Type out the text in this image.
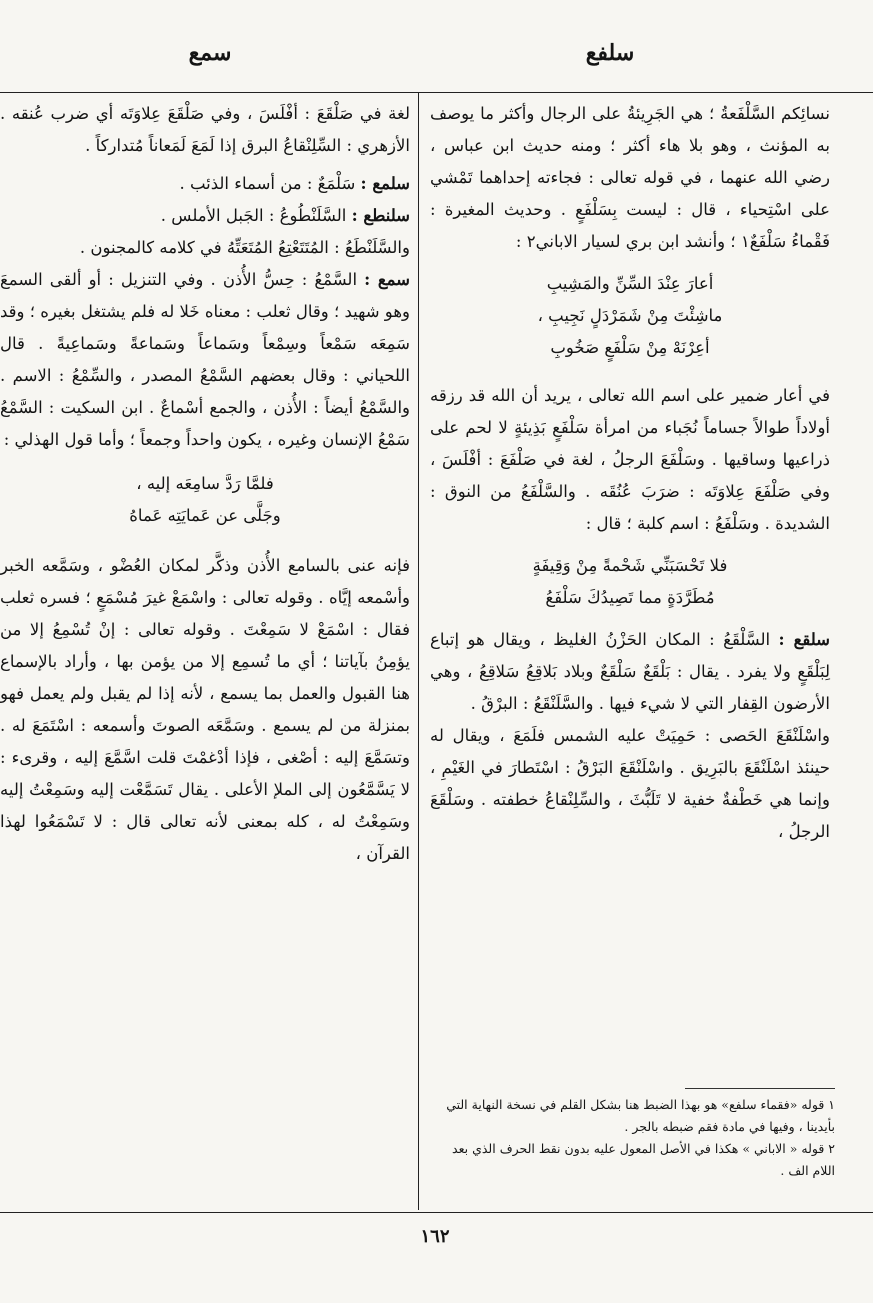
سلفع
سمع

نسائِكم السَّلْفَعةُ ؛ هي الجَرِيئةُ على الرجال وأكثر ما يوصف به المؤنث ، وهو بلا هاء أكثر ؛ ومنه حديث ابن عباس ، رضي الله عنهما ، في قوله تعالى : فجاءته إحداهما تَمْشي على اسْتِحياء ، قال : ليست بِسَلْفَعٍ . وحديث المغيرة : فَقْماءُ سَلْفَعٌ١ ؛ وأنشد ابن بري لسيار الاباني٢ :

أعارَ عِنْدَ السِّنِّ والمَشِيبِ
ماشِئْتَ مِنْ شَمَرْدَلٍ نَجِيبِ ،
أعِرْنَهْ مِنْ سَلْفَعٍ صَخُوبِ

في أعار ضمير على اسم الله تعالى ، يريد أن الله قد رزقه أولاداً طوالاً جساماً نُجَباء من امرأة سَلْفَعٍ بَذِيئةٍ لا لحم على ذراعيها وساقيها . وسَلْفَعَ الرجلُ ، لغة في صَلْفَعَ : أفْلَسَ ، وفي صَلْفَعَ عِلاوَتَه : ضرَبَ عُنُقَه . والسَّلْفَعُ من النوق : الشديدة . وسَلْفَعُ : اسم كلبة ؛ قال :

فلا تَحْسَبَنِّي شَحْمةً مِنْ وَقِيفَةٍ
مُطَرَّدَةٍ مما تَصِيدُكَ سَلْفَعُ

سلقع : السَّلْقَعُ : المكان الحَزْنُ الغليظ ، ويقال هو إتباع لِبَلْقَعٍ ولا يفرد . يقال : بَلْقَعٌ سَلْقَعٌ وبلاد بَلاقِعُ سَلاقِعُ ، وهي الأرضون القِفار التي لا شيء فيها . والسَّلَنْقَعُ : البرْقُ .

واسْلَنْقَعَ الحَصى : حَمِيَتْ عليه الشمس فلَمَعَ ، ويقال له حينئذ اسْلَنْقَعَ بالبَرِيق . واسْلَنْقَعَ البَرْقُ : اسْتَطارَ في الغَيْمِ ، وإنما هي خَطْفةٌ خفية لا تَلَبُّثَ ، والسِّلِنْقاعُ خطفته . وسَلْقَعَ الرجلُ ،

لغة في صَلْقَعَ : أفْلَسَ ، وفي صَلْقَعَ عِلاوَتَه أي ضرب عُنقه . الأزهري : السِّلِنْقاعُ البرق إذا لَمَعَ لَمَعاناً مُتداركاً .

سلمع : سَلْمَعٌ : من أسماء الذئب .

سلنطع : السَّلَنْطُوعُ : الجَبل الأملس .

والسَّلَنْطَعُ : المُتَتَعْتِعُ المُتَعَتِّهُ في كلامه كالمجنون .

سمع : السَّمْعُ : حِسُّ الأُذن . وفي التنزيل : أو ألقى السمعَ وهو شهيد ؛ وقال ثعلب : معناه خَلا له فلم يشتغل بغيره ؛ وقد سَمِعَه سَمْعاً وسِمْعاً وسَماعاً وسَماعةً وسَماعِيةً . قال اللحياني : وقال بعضهم السَّمْعُ المصدر ، والسِّمْعُ : الاسم . والسَّمْعُ أيضاً : الأُذن ، والجمع أسْماعٌ . ابن السكيت : السَّمْعُ سَمْعُ الإنسان وغيره ، يكون واحداً وجمعاً ؛ وأما قول الهذلي :

فلمَّا رَدَّ سامِعَه إليه ،
وجَلَّى عن عَمايَتِه عَماهُ

فإنه عنى بالسامع الأُذن وذكَّر لمكان العُضْو ، وسَمَّعه الخبر وأسْمعه إيَّاه . وقوله تعالى : واسْمَعْ غيرَ مُسْمَعٍ ؛ فسره ثعلب فقال : اسْمَعْ لا سَمِعْتَ . وقوله تعالى : إنْ تُسْمِعُ إلا من يؤمِنُ بآياتنا ؛ أي ما تُسمِع إلا من يؤمن بها ، وأراد بالإسماع هنا القبول والعمل بما يسمع ، لأنه إذا لم يقبل ولم يعمل فهو بمنزلة من لم يسمع . وسَمَّعَه الصوتَ وأسمعه : اسْتَمَعَ له . وتسَمَّعَ إليه : أصْغى ، فإذا أدْغمْتَ قلت اسَّمَّعَ إليه ، وقرىء : لا يَسَّمَّعُون إلى الملإ الأعلى . يقال تَسَمَّعْت إليه وسَمِعْتُ إليه وسَمِعْتُ له ، كله بمعنى لأنه تعالى قال : لا تَسْمَعُوا لهذا القرآن ،

١ قوله «فقماء سلفع» هو بهذا الضبط هنا بشكل القلم في نسخة النهاية التي بأيدينا ، وفيها في مادة فقم ضبطه بالجر .
٢ قوله « الاباني » هكذا في الأصل المعول عليه بدون نقط الحرف الذي بعد اللام الف .
١٦٢
